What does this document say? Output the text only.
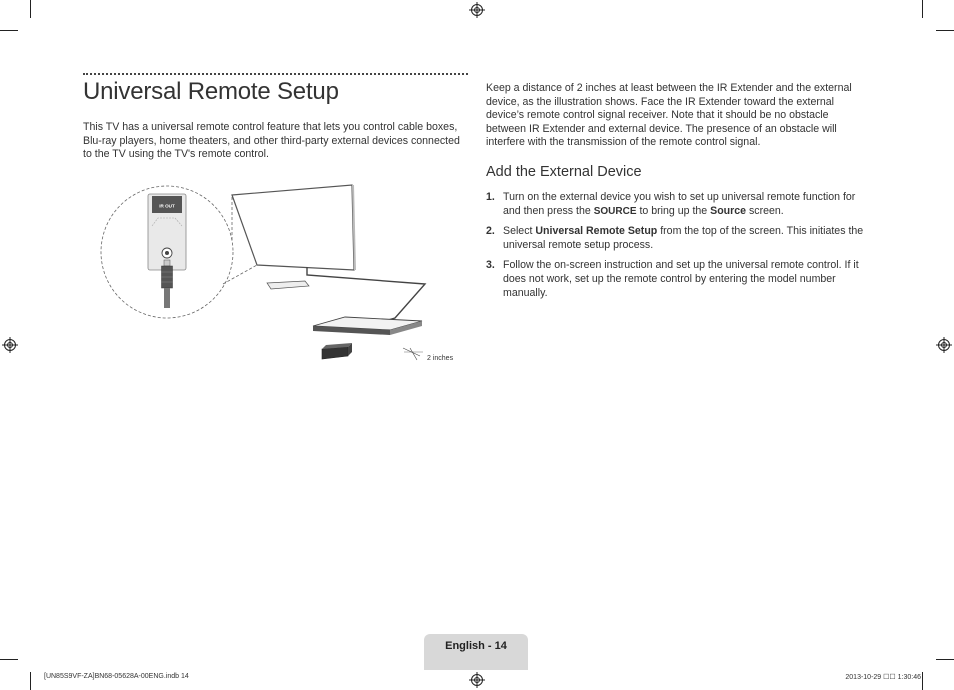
Universal Remote Setup

This TV has a universal remote control feature that lets you control cable boxes, Blu-ray players, home theaters, and other third-party external devices connected to the TV using the TV's remote control.

IR OUT
2 inches

Keep a distance of 2 inches at least between the IR Extender and the external device, as the illustration shows. Face the IR Extender toward the external device’s remote control signal receiver. Note that it should be no obstacle between IR Extender and external device. The presence of an obstacle will interfere with the transmission of the remote control signal.

Add the External Device
1. Turn on the external device you wish to set up universal remote function for and then press the SOURCE to bring up the Source screen.
2. Select Universal Remote Setup from the top of the screen. This initiates the universal remote setup process.
3. Follow the on-screen instruction and set up the universal remote control. If it does not work, set up the remote control by entering the model number manually.
English - 14
[UN85S9VF-ZA]BN68-05628A-00ENG.indb 14	2013-10-29 ☐☐ 1:30:46
